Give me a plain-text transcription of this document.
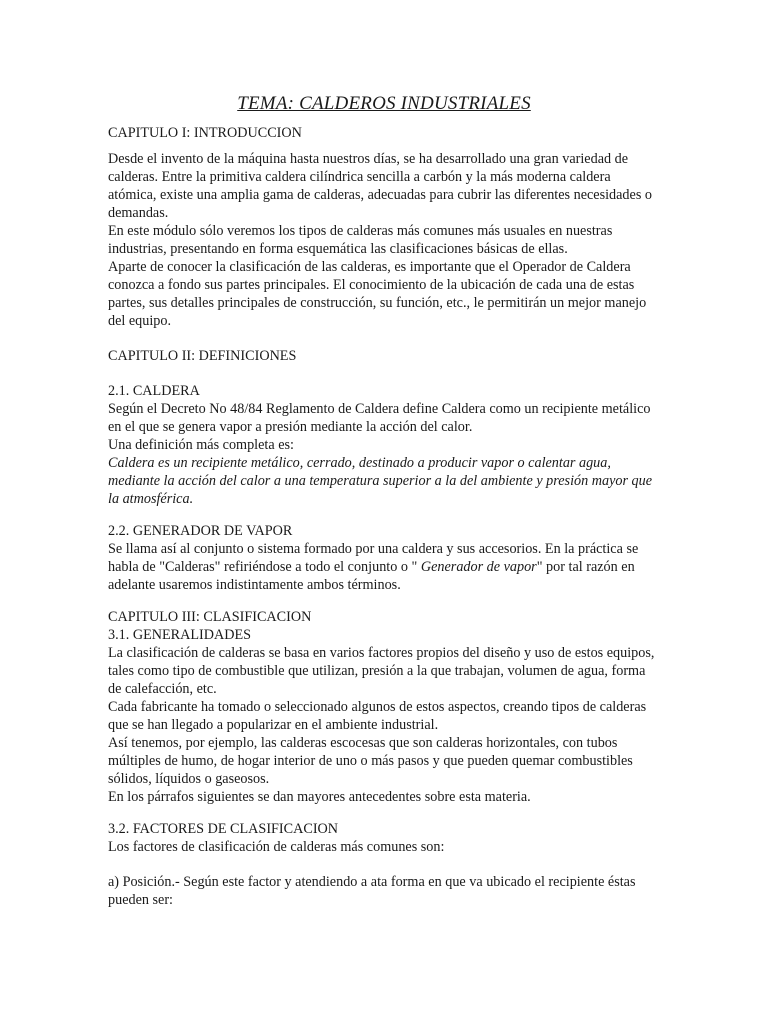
TEMA: CALDEROS INDUSTRIALES
CAPITULO I: INTRODUCCION

Desde el invento de la máquina hasta nuestros días, se ha desarrollado una gran variedad de calderas. Entre la primitiva caldera cilíndrica sencilla a carbón y la más moderna caldera atómica, existe una amplia gama de calderas, adecuadas para cubrir las diferentes necesidades o demandas.

En este módulo sólo veremos los tipos de calderas más comunes más usuales en nuestras industrias, presentando en forma esquemática las clasificaciones básicas de ellas.

Aparte de conocer la clasificación de las calderas, es importante que el Operador de Caldera conozca a fondo sus partes principales. El conocimiento de la ubicación de cada una de estas partes, sus detalles principales de construcción, su función, etc., le permitirán un mejor manejo del equipo.

CAPITULO II: DEFINICIONES
2.1. CALDERA

Según el Decreto No 48/84 Reglamento de Caldera define Caldera como un recipiente metálico en el que se genera vapor a presión mediante la acción del calor.

Una definición más completa es:

Caldera es un recipiente metálico, cerrado, destinado a producir vapor o calentar agua, mediante la acción del calor a una temperatura superior a la del ambiente y presión mayor que la atmosférica.

2.2. GENERADOR DE VAPOR

Se llama así al conjunto o sistema formado por una caldera y sus accesorios. En la práctica se habla de "Calderas" refiriéndose a todo el conjunto o " Generador de vapor" por tal razón en adelante usaremos indistintamente ambos términos.

CAPITULO III: CLASIFICACION
3.1. GENERALIDADES

La clasificación de calderas se basa en varios factores propios del diseño y uso de estos equipos, tales como tipo de combustible que utilizan, presión a la que trabajan, volumen de agua, forma de calefacción, etc.

Cada fabricante ha tomado o seleccionado algunos de estos aspectos, creando tipos de calderas que se han llegado a popularizar en el ambiente industrial.

Así tenemos, por ejemplo, las calderas escocesas que son calderas horizontales, con tubos múltiples de humo, de hogar interior de uno o más pasos y que pueden quemar combustibles sólidos, líquidos o gaseosos.

En los párrafos siguientes se dan mayores antecedentes sobre esta materia.

3.2. FACTORES DE CLASIFICACION

Los factores de clasificación de calderas más comunes son:

a) Posición.- Según este factor y atendiendo a ata forma en que va ubicado el recipiente éstas pueden ser:
